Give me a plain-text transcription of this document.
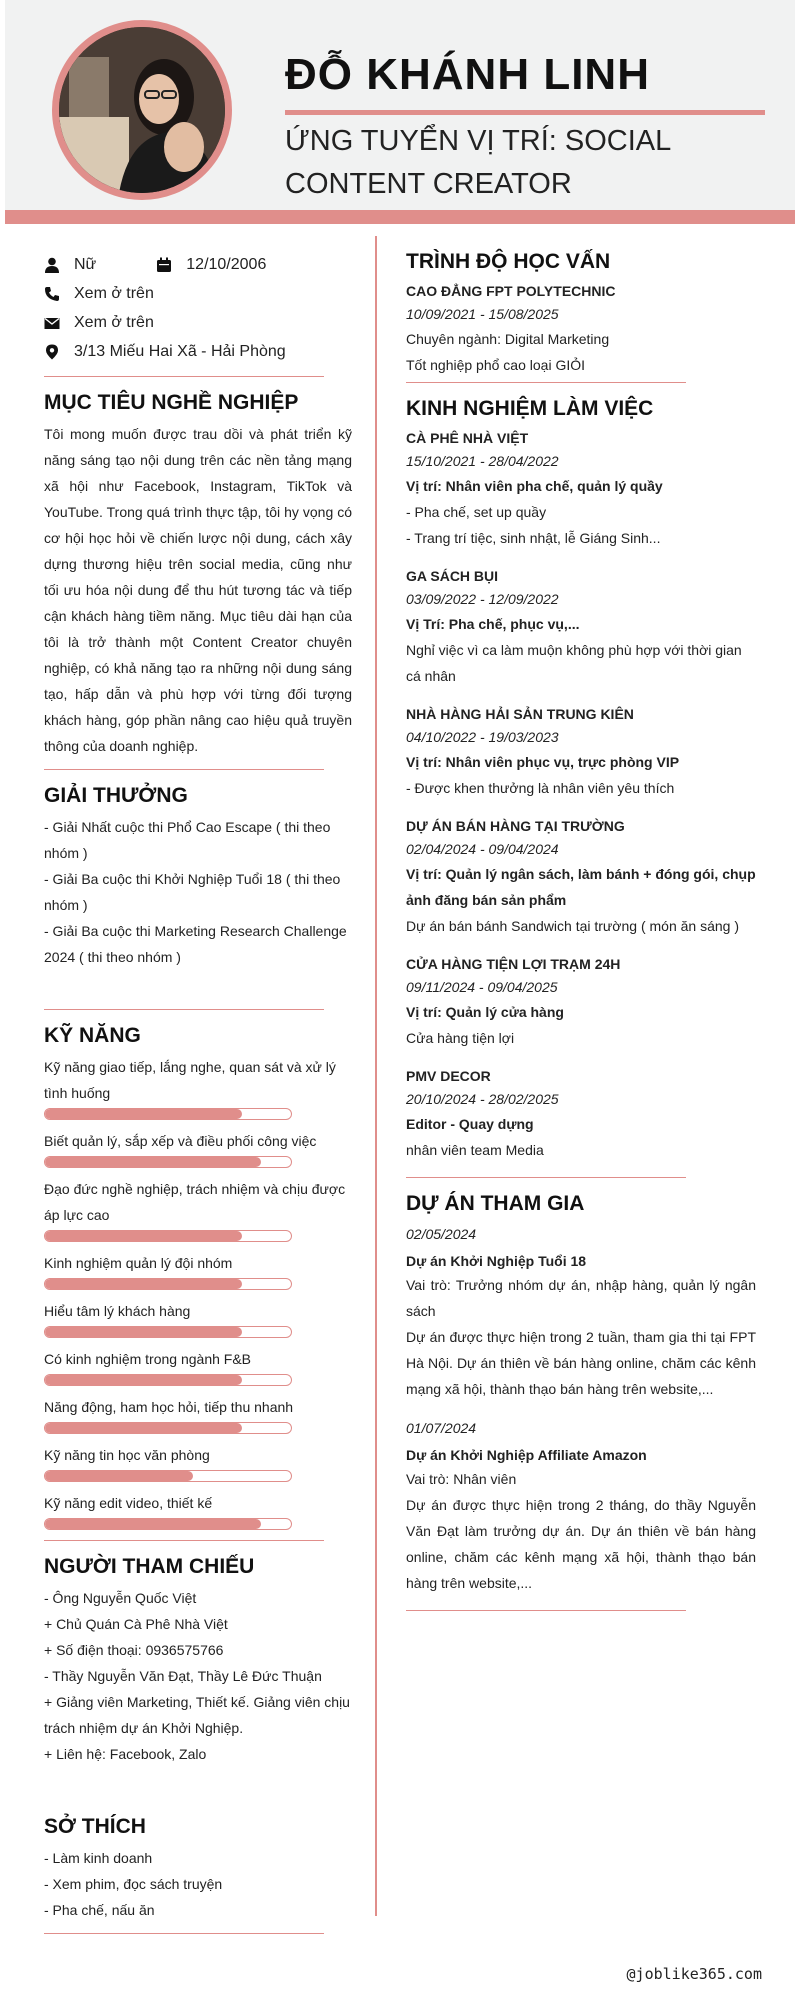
ĐỖ KHÁNH LINH
ỨNG TUYỂN VỊ TRÍ: SOCIAL CONTENT CREATOR
Nữ	12/10/2006
Xem ở trên
Xem ở trên
3/13 Miếu Hai Xã - Hải Phòng
MỤC TIÊU NGHỀ NGHIỆP

Tôi mong muốn được trau dồi và phát triển kỹ năng sáng tạo nội dung trên các nền tảng mạng xã hội như Facebook, Instagram, TikTok và YouTube. Trong quá trình thực tập, tôi hy vọng có cơ hội học hỏi về chiến lược nội dung, cách xây dựng thương hiệu trên social media, cũng như tối ưu hóa nội dung để thu hút tương tác và tiếp cận khách hàng tiềm năng. Mục tiêu dài hạn của tôi là trở thành một Content Creator chuyên nghiệp, có khả năng tạo ra những nội dung sáng tạo, hấp dẫn và phù hợp với từng đối tượng khách hàng, góp phần nâng cao hiệu quả truyền thông của doanh nghiệp.

GIẢI THƯỞNG
- Giải Nhất cuộc thi Phổ Cao Escape ( thi theo nhóm )
- Giải Ba cuộc thi Khởi Nghiệp Tuổi 18 ( thi theo nhóm )
- Giải Ba cuộc thi Marketing Research Challenge 2024 ( thi theo nhóm )
KỸ NĂNG
Kỹ năng giao tiếp, lắng nghe, quan sát và xử lý tình huống
Biết quản lý, sắp xếp và điều phối công việc
Đạo đức nghề nghiệp, trách nhiệm và chịu được áp lực cao
Kinh nghiệm quản lý đội nhóm
Hiểu tâm lý khách hàng
Có kinh nghiệm trong ngành F&B
Năng động, ham học hỏi, tiếp thu nhanh
Kỹ năng tin học văn phòng
Kỹ năng edit video, thiết kế
NGƯỜI THAM CHIẾU
- Ông Nguyễn Quốc Việt
+ Chủ Quán Cà Phê Nhà Việt
+ Số điện thoại: 0936575766
- Thầy Nguyễn Văn Đạt, Thầy Lê Đức Thuận
+ Giảng viên Marketing, Thiết kế. Giảng viên chịu trách nhiệm dự án Khởi Nghiệp.
+ Liên hệ: Facebook, Zalo
SỞ THÍCH
- Làm kinh doanh
- Xem phim, đọc sách truyện
- Pha chế, nấu ăn
TRÌNH ĐỘ HỌC VẤN
CAO ĐẲNG FPT POLYTECHNIC
10/09/2021 - 15/08/2025
Chuyên ngành: Digital Marketing
Tốt nghiệp phổ cao loại GIỎI
KINH NGHIỆM LÀM VIỆC
CÀ PHÊ NHÀ VIỆT
15/10/2021 - 28/04/2022
Vị trí: Nhân viên pha chế, quản lý quầy
- Pha chế, set up quầy
- Trang trí tiệc, sinh nhật, lễ Giáng Sinh...
GA SÁCH BỤI
03/09/2022 - 12/09/2022
Vị Trí: Pha chế, phục vụ,...
Nghỉ việc vì ca làm muộn không phù hợp với thời gian cá nhân
NHÀ HÀNG HẢI SẢN TRUNG KIÊN
04/10/2022 - 19/03/2023
Vị trí: Nhân viên phục vụ, trực phòng VIP
- Được khen thưởng là nhân viên yêu thích
DỰ ÁN BÁN HÀNG TẠI TRƯỜNG
02/04/2024 - 09/04/2024
Vị trí: Quản lý ngân sách, làm bánh + đóng gói, chụp ảnh đăng bán sản phẩm
Dự án bán bánh Sandwich tại trường ( món ăn sáng )
CỬA HÀNG TIỆN LỢI TRẠM 24H
09/11/2024 - 09/04/2025
Vị trí: Quản lý cửa hàng
Cửa hàng tiện lợi
PMV DECOR
20/10/2024 - 28/02/2025
Editor - Quay dựng
nhân viên team Media
DỰ ÁN THAM GIA
02/05/2024
Dự án Khởi Nghiệp Tuổi 18
Vai trò: Trưởng nhóm dự án, nhập hàng, quản lý ngân sách
Dự án được thực hiện trong 2 tuần, tham gia thi tại FPT Hà Nội. Dự án thiên về bán hàng online, chăm các kênh mạng xã hội, thành thạo bán hàng trên website,...
01/07/2024
Dự án Khởi Nghiệp Affiliate Amazon
Vai trò: Nhân viên
Dự án được thực hiện trong 2 tháng, do thầy Nguyễn Văn Đạt làm trưởng dự án. Dự án thiên về bán hàng online, chăm các kênh mạng xã hội, thành thạo bán hàng trên website,...
@joblike365.com
